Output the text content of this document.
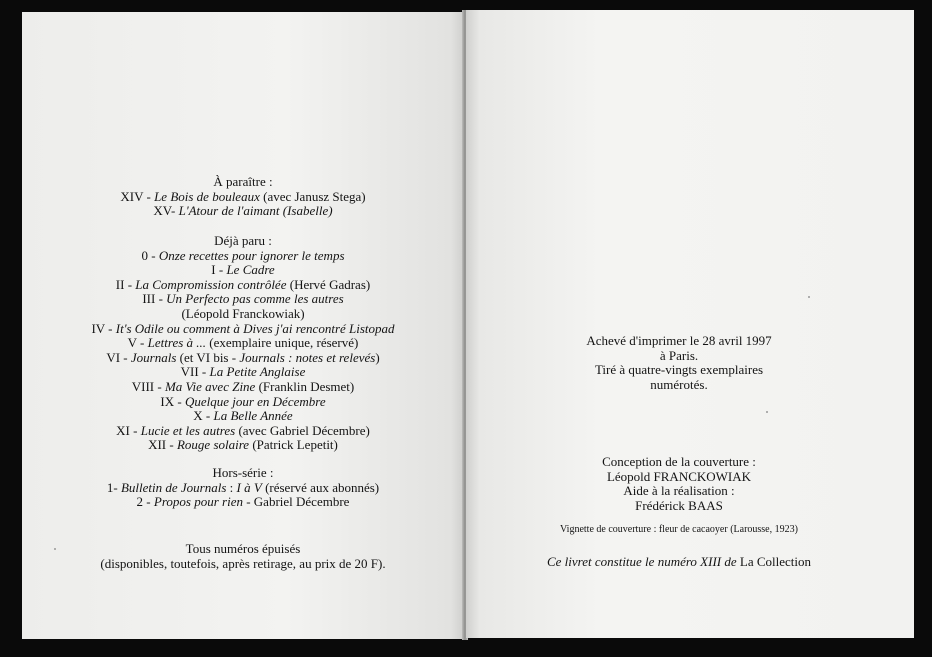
À paraître :
XIV - Le Bois de bouleaux (avec Janusz Stega)
XV- L'Atour de l'aimant (Isabelle)
Déjà paru :
0 - Onze recettes pour ignorer le temps
I - Le Cadre
II - La Compromission contrôlée (Hervé Gadras)
III - Un Perfecto pas comme les autres
(Léopold Franckowiak)
IV - It's Odile ou comment à Dives j'ai rencontré Listopad
V - Lettres à ... (exemplaire unique, réservé)
VI - Journals (et VI bis - Journals : notes et relevés)
VII - La Petite Anglaise
VIII - Ma Vie avec Zine (Franklin Desmet)
IX - Quelque jour en Décembre
X - La Belle Année
XI - Lucie et les autres (avec Gabriel Décembre)
XII - Rouge solaire (Patrick Lepetit)
Hors-série :
1- Bulletin de Journals : I à V (réservé aux abonnés)
2 - Propos pour rien - Gabriel Décembre
Tous numéros épuisés
(disponibles, toutefois, après retirage, au prix de 20 F).
Achevé d'imprimer le 28 avril 1997
à Paris.
Tiré à quatre-vingts exemplaires
numérotés.
Conception de la couverture :
Léopold FRANCKOWIAK
Aide à la réalisation :
Frédérick BAAS
Vignette de couverture : fleur de cacaoyer (Larousse, 1923)
Ce livret constitue le numéro XIII de La Collection
